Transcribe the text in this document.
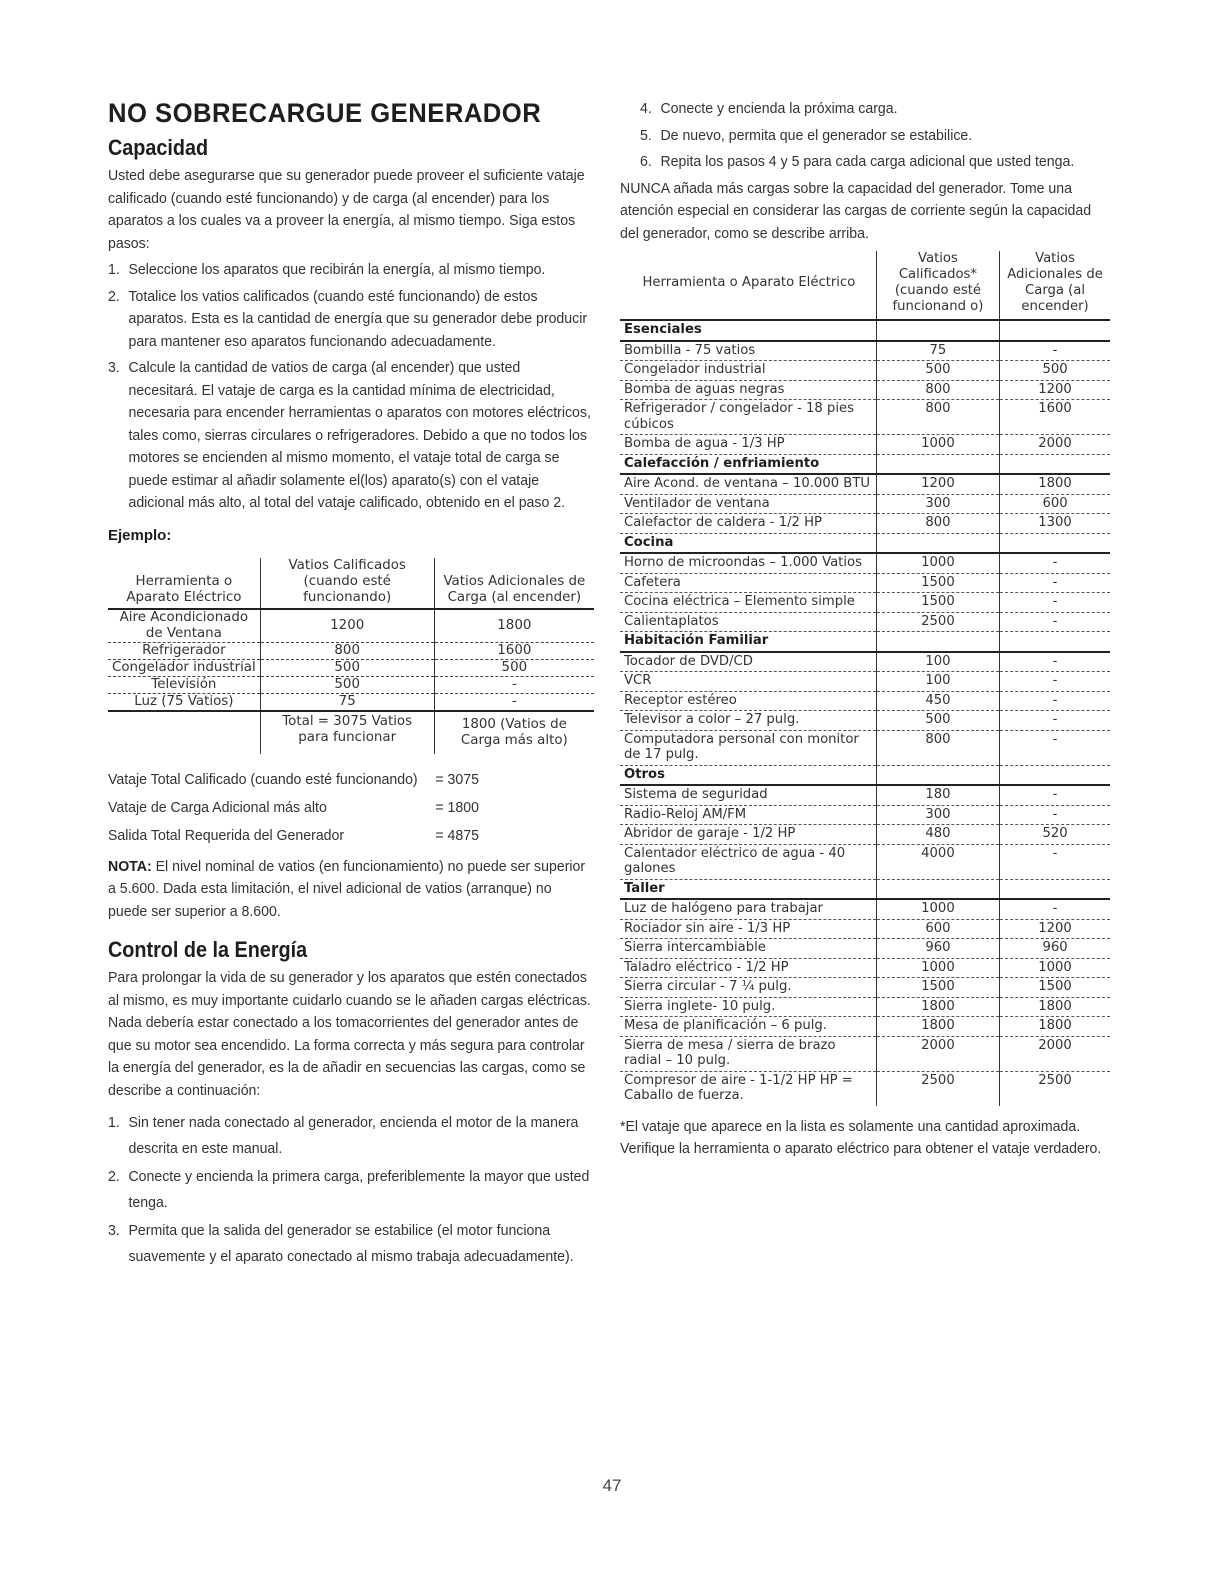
NO SOBRECARGUE GENERADOR
Capacidad

Usted debe asegurarse que su generador puede proveer el suficiente vataje calificado (cuando esté funcionando) y de carga (al encender) para los aparatos a los cuales va a proveer la energía, al mismo tiempo. Siga estos pasos:

1. Seleccione los aparatos que recibirán la energía, al mismo tiempo.
2. Totalice los vatios calificados (cuando esté funcionando) de estos aparatos. Esta es la cantidad de energía que su generador debe producir para mantener eso aparatos funcionando adecuadamente.
3. Calcule la cantidad de vatios de carga (al encender) que usted necesitará. El vataje de carga es la cantidad mínima de electricidad, necesaria para encender herramientas o aparatos con motores eléctricos, tales como, sierras circulares o refrigeradores. Debido a que no todos los motores se encienden al mismo momento, el vataje total de carga se puede estimar al añadir solamente el(los) aparato(s) con el vataje adicional más alto, al total del vataje calificado, obtenido en el paso 2.
Ejemplo:
Herramienta o Aparato Eléctrico	Vatios Calificados (cuando esté funcionando)	Vatios Adicionales de Carga (al encender)
Aire Acondicionado de Ventana	1200	1800
Refrigerador	800	1600
Congelador industrial	500	500
Televisión	500	-
Luz (75 Vatios)	75	-
	Total = 3075 Vatios para funcionar	1800 (Vatios de Carga más alto)
Vataje Total Calificado (cuando esté funcionando)	= 3075
Vataje de Carga Adicional más alto	= 1800
Salida Total Requerida del Generador	= 4875

NOTA: El nivel nominal de vatios (en funcionamiento) no puede ser superior a 5.600. Dada esta limitación, el nivel adicional de vatios (arranque) no puede ser superior a 8.600.

Control de la Energía

Para prolongar la vida de su generador y los aparatos que estén conectados al mismo, es muy importante cuidarlo cuando se le añaden cargas eléctricas. Nada debería estar conectado a los tomacorrientes del generador antes de que su motor sea encendido. La forma correcta y más segura para controlar la energía del generador, es la de añadir en secuencias las cargas, como se describe a continuación:

1. Sin tener nada conectado al generador, encienda el motor de la manera descrita en este manual.
2. Conecte y encienda la primera carga, preferiblemente la mayor que usted tenga.
3. Permita que la salida del generador se estabilice (el motor funciona suavemente y el aparato conectado al mismo trabaja adecuadamente).
4. Conecte y encienda la próxima carga.
5. De nuevo, permita que el generador se estabilice.
6. Repita los pasos 4 y 5 para cada carga adicional que usted tenga.

NUNCA añada más cargas sobre la capacidad del generador. Tome una atención especial en considerar las cargas de corriente según la capacidad del generador, como se describe arriba.

Herramienta o Aparato Eléctrico	Vatios Calificados* (cuando esté funcionand o)	Vatios Adicionales de Carga (al encender)
Esenciales		
Bombilla - 75 vatios	75	-
Congelador industrial	500	500
Bomba de aguas negras	800	1200
Refrigerador / congelador - 18 pies cúbicos	800	1600
Bomba de agua - 1/3 HP	1000	2000
Calefacción / enfriamiento		
Aire Acond. de ventana – 10.000 BTU	1200	1800
Ventilador de ventana	300	600
Calefactor de caldera - 1/2 HP	800	1300
Cocina		
Horno de microondas – 1.000 Vatios	1000	-
Cafetera	1500	-
Cocina eléctrica – Elemento simple	1500	-
Calientaplatos	2500	-
Habitación Familiar		
Tocador de DVD/CD	100	-
VCR	100	-
Receptor estéreo	450	-
Televisor a color – 27 pulg.	500	-
Computadora personal con monitor de 17 pulg.	800	-
Otros		
Sistema de seguridad	180	-
Radio-Reloj AM/FM	300	-
Abridor de garaje - 1/2 HP	480	520
Calentador eléctrico de agua - 40 galones	4000	-
Taller		
Luz de halógeno para trabajar	1000	-
Rociador sin aire - 1/3 HP	600	1200
Sierra intercambiable	960	960
Taladro eléctrico - 1/2 HP	1000	1000
Sierra circular - 7 ¼ pulg.	1500	1500
Sierra inglete- 10 pulg.	1800	1800
Mesa de planificación – 6 pulg.	1800	1800
Sierra de mesa / sierra de brazo radial – 10 pulg.	2000	2000
Compresor de aire - 1-1/2 HP HP = Caballo de fuerza.	2500	2500

*El vataje que aparece en la lista es solamente una cantidad aproximada. Verifique la herramienta o aparato eléctrico para obtener el vataje verdadero.

47
